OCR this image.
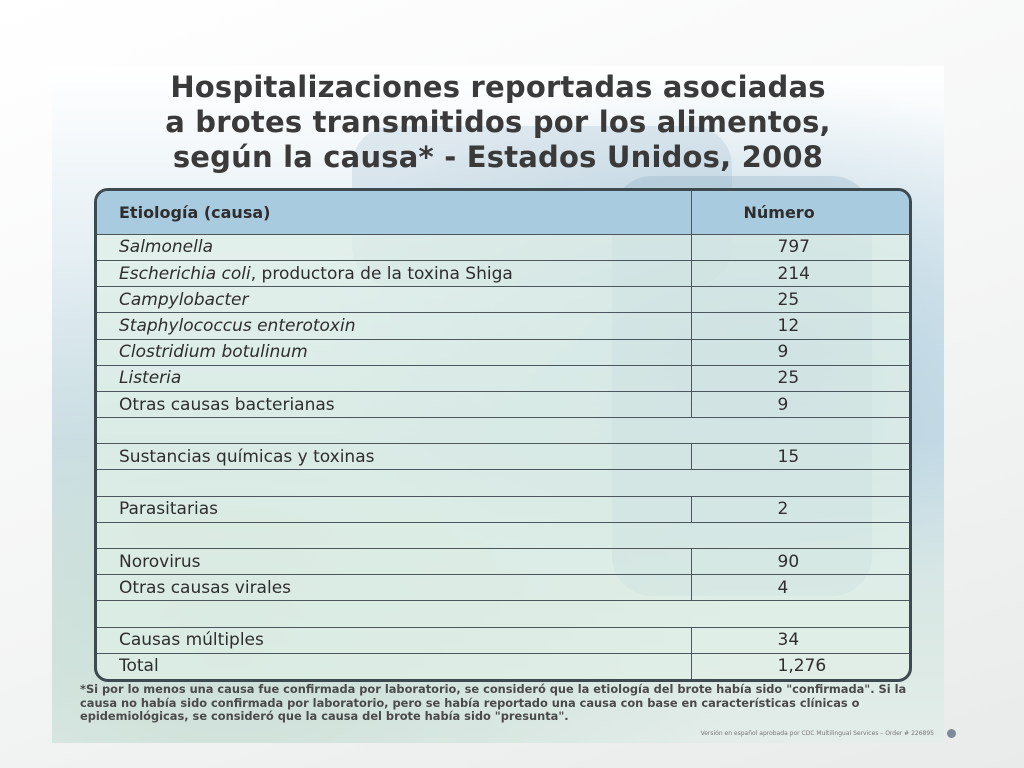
Hospitalizaciones reportadas asociadas
a brotes transmitidos por los alimentos,
según la causa* - Estados Unidos, 2008
Etiología (causa)	Número
Salmonella	797
Escherichia coli, productora de la toxina Shiga	214
Campylobacter	25
Staphylococcus enterotoxin	12
Clostridium botulinum	9
Listeria	25
Otras causas bacterianas	9

Sustancias químicas y toxinas	15

Parasitarias	2

Norovirus	90
Otras causas virales	4

Causas múltiples	34
Total	1,276
*Si por lo menos una causa fue confirmada por laboratorio, se consideró que la etiología del brote había sido "confirmada". Si la causa no había sido confirmada por laboratorio, pero se había reportado una causa con base en características clínicas o epidemiológicas, se consideró que la causa del brote había sido "presunta".
Versión en español aprobada por CDC Multilingual Services – Order # 226895
